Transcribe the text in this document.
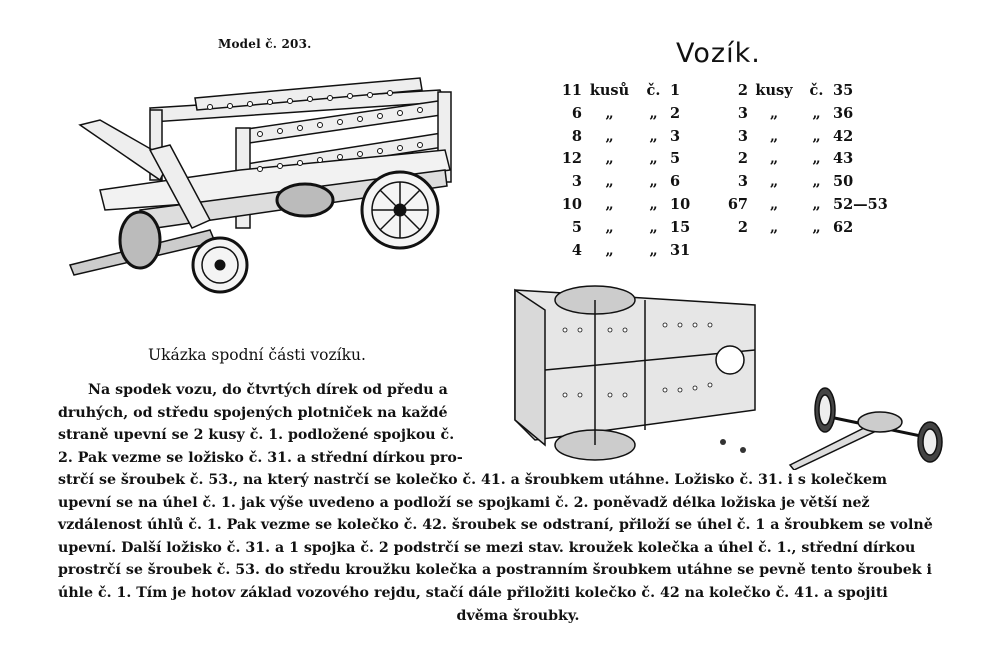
Model č. 203.	Vozík.
11 kusů	č. 1
6	„	„ 2
8	„	„ 3
12	„	„ 5
3	„	„ 6
10	„	„ 10
5	„	„ 15
4	„	„ 31
2 kusy	č. 35
3	„	„ 36
3	„	„ 42
2	„	„ 43
3	„	„ 50
67	„	„ 52—53
2	„	„ 62
Ukázka spodní části vozíku.
Na spodek vozu, do čtvrtých dírek od předu a
druhých, od středu spojených plotniček na každé
straně upevní se 2 kusy č. 1. podložené spojkou č.
2. Pak vezme se ložisko č. 31. a střední dírkou pro-
strčí se šroubek č. 53., na který nastrčí se kolečko č. 41. a šroubkem utáhne. Ložisko č. 31. i s kolečkem
upevní se na úhel č. 1. jak výše uvedeno a podloží se spojkami č. 2. poněvadž délka ložiska je větší než
vzdálenost úhlů č. 1. Pak vezme se kolečko č. 42. šroubek se odstraní, přiloží se úhel č. 1 a šroubkem se volně
upevní. Další ložisko č. 31. a 1 spojka č. 2 podstrčí se mezi stav. kroužek kolečka a úhel č. 1., střední dírkou
prostrčí se šroubek č. 53. do středu kroužku kolečka a postranním šroubkem utáhne se pevně tento šroubek i
úhle č. 1. Tím je hotov základ vozového rejdu, stačí dále přiložiti kolečko č. 42 na kolečko č. 41. a spojiti
dvěma šroubky.
